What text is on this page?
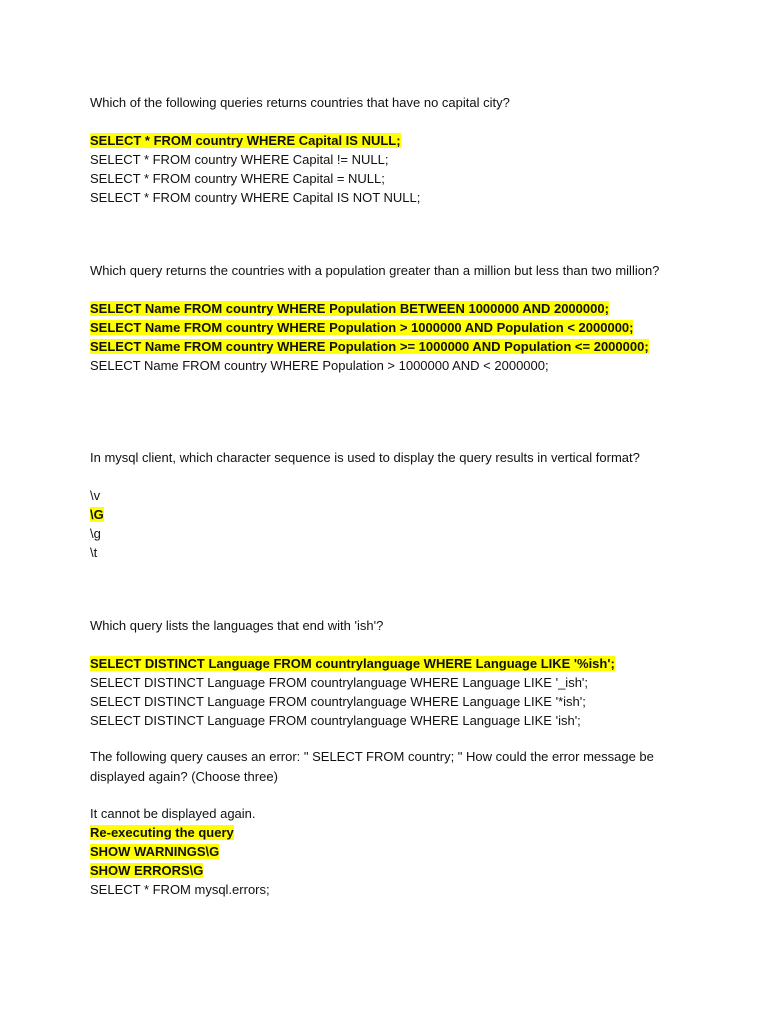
Which of the following queries returns countries that have no capital city?
SELECT * FROM country WHERE Capital IS NULL;
SELECT * FROM country WHERE Capital != NULL;
SELECT * FROM country WHERE Capital = NULL;
SELECT * FROM country WHERE Capital IS NOT NULL;
Which query returns the countries with a population greater than a million but less than two million?
SELECT Name FROM country WHERE Population BETWEEN 1000000 AND 2000000;
SELECT Name FROM country WHERE Population > 1000000 AND Population < 2000000;
SELECT Name FROM country WHERE Population >= 1000000 AND Population <= 2000000;
SELECT Name FROM country WHERE Population > 1000000 AND < 2000000;
In mysql client, which character sequence is used to display the query results in vertical format?
\v
\G
\g
\t
Which query lists the languages that end with 'ish'?
SELECT DISTINCT Language FROM countrylanguage WHERE Language LIKE '%ish';
SELECT DISTINCT Language FROM countrylanguage WHERE Language LIKE '_ish';
SELECT DISTINCT Language FROM countrylanguage WHERE Language LIKE '*ish';
SELECT DISTINCT Language FROM countrylanguage WHERE Language LIKE 'ish';
The following query causes an error: " SELECT FROM country; " How could the error message be displayed again? (Choose three)
It cannot be displayed again.
Re-executing the query
SHOW WARNINGS\G
SHOW ERRORS\G
SELECT * FROM mysql.errors;
